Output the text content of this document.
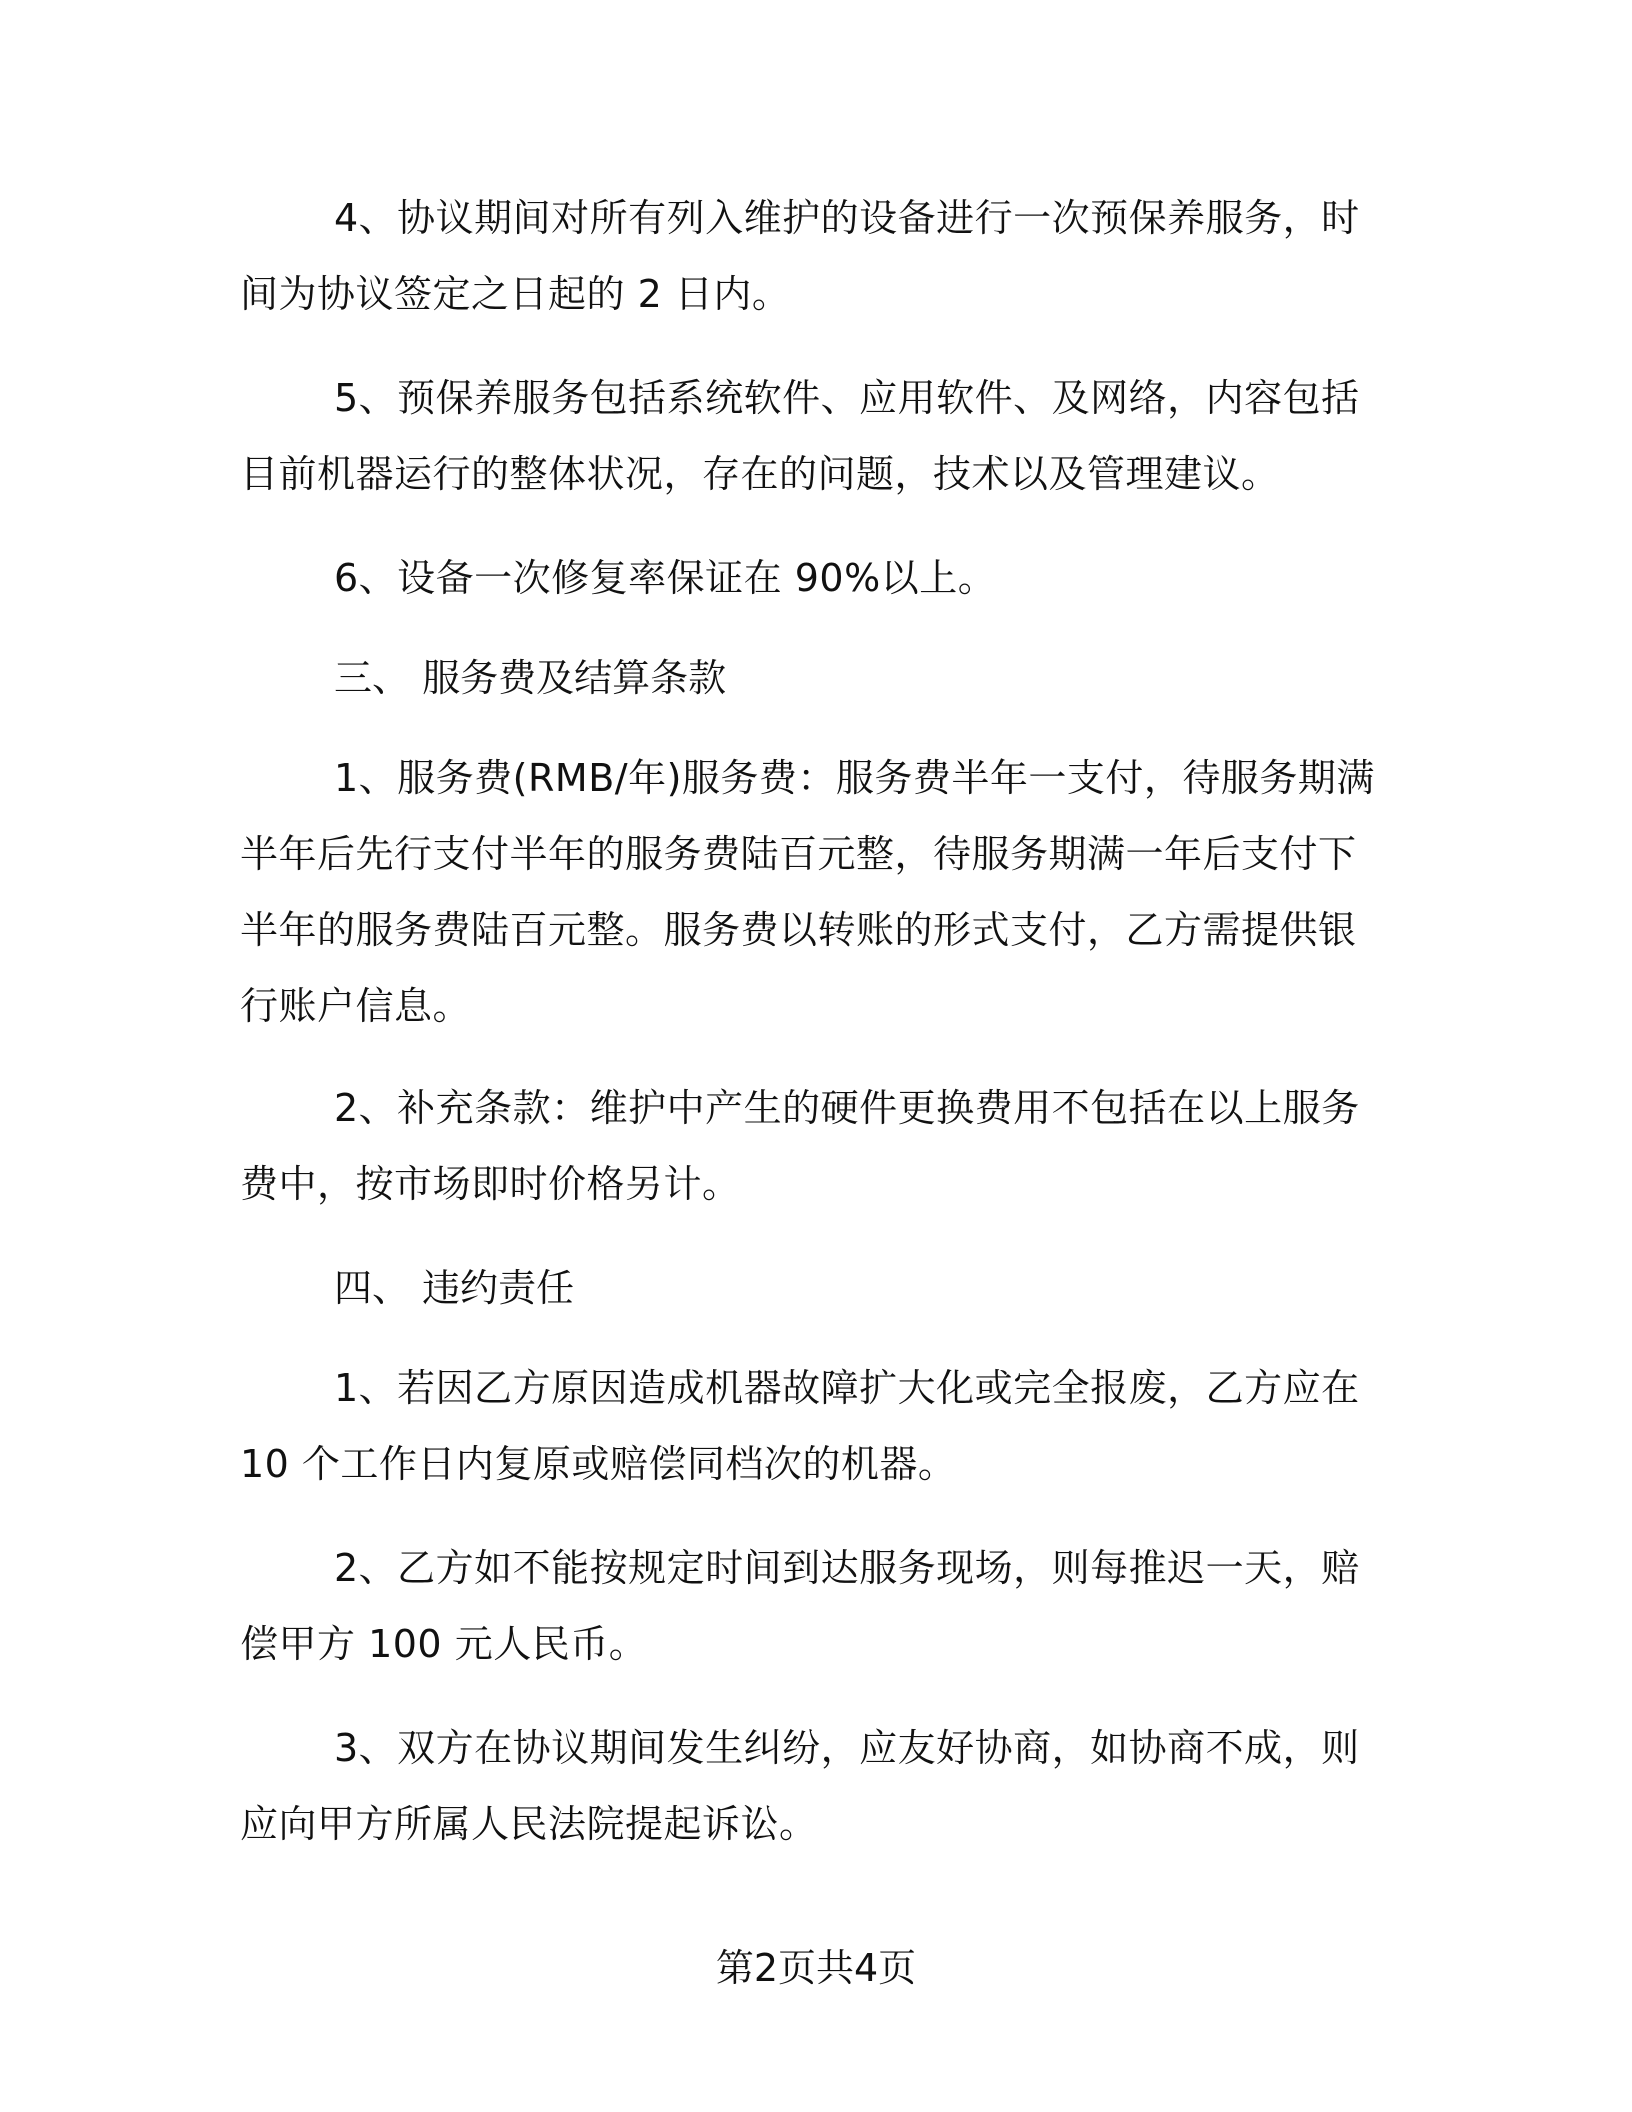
4、协议期间对所有列入维护的设备进行一次预保养服务，时间为协议签定之日起的 2 日内。

5、预保养服务包括系统软件、应用软件、及网络，内容包括目前机器运行的整体状况，存在的问题，技术以及管理建议。

6、设备一次修复率保证在 90%以上。

三、 服务费及结算条款

1、服务费(RMB/年)服务费：服务费半年一支付，待服务期满半年后先行支付半年的服务费陆百元整，待服务期满一年后支付下半年的服务费陆百元整。服务费以转账的形式支付，乙方需提供银行账户信息。

2、补充条款：维护中产生的硬件更换费用不包括在以上服务费中，按市场即时价格另计。

四、 违约责任

1、若因乙方原因造成机器故障扩大化或完全报废，乙方应在 10 个工作日内复原或赔偿同档次的机器。

2、乙方如不能按规定时间到达服务现场，则每推迟一天，赔偿甲方 100 元人民币。

3、双方在协议期间发生纠纷，应友好协商，如协商不成，则应向甲方所属人民法院提起诉讼。

第2页共4页
